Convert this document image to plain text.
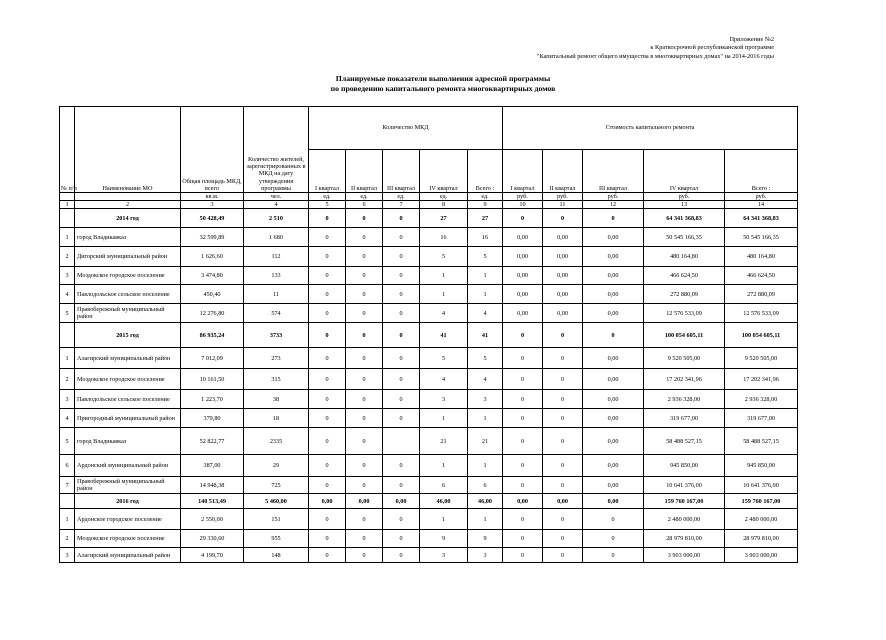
Приложение №2
к Краткосрочной республиканской программе
"Капитальный ремонт общего имущества в многоквартирных домах" на 2014-2016 годы
Планируемые показатели выполнения адресной программы
по проведению капитального ремонта многоквартирных домов
№ п/п	Наименование МО	Общая площадь МКД, всего	Количество жителей, зарегистрированных в МКД на дату утверждения программы	Количество МКД					Стоимость капитального ремонта				
				I квартал	II квартал	III квартал	IV квартал	Всего :	I квартал	II квартал	III квартал	IV квартал	Всего :
		кв.м.	чел.	ед.	ед.	ед.	ед.	ед.	руб.	руб.	руб.	руб.	руб.
1	2	3	4	5	6	7	8	9	10	11	12	13	14
	2014 год	50 428,49	2 510	0	0	0	27	27	0	0	0	64 341 368,83	64 341 368,83
1	город Владикавказ	32 599,89	1 680	0	0	0	16	16	0,00	0,00	0,00	50 545 166,35	50 545 166,35
2	Дигорский муниципальный район	1 626,60	112	0	0	0	5	5	0,00	0,00	0,00	480 164,80	480 164,80
3	Моздокское городское поселение	3 474,80	133	0	0	0	1	1	0,00	0,00	0,00	466 624,50	466 624,50
4	Павлодольское сельское поселение	450,40	11	0	0	0	1	1	0,00	0,00	0,00	272 880,09	272 880,09
5	Правобережный муниципальный район	12 276,80	574	0	0	0	4	4	0,00	0,00	0,00	12 576 533,09	12 576 533,09
	2015 год	86 935,24	3733	0	0	0	41	41	0	0	0	100 054 605,11	100 054 605,11
1	Алагирский муниципальный район	7 012,09	273	0	0	0	5	5	0	0	0,00	9 520 505,00	9 520 505,00
2	Моздокское городское поселение	10 161,50	315	0	0	0	4	4	0	0	0,00	17 202 341,96	17 202 341,96
3	Павлодольское сельское поселение	1 223,70	38	0	0	0	3	3	0	0	0,00	2 936 328,00	2 936 328,00
4	Пригородный муниципальный район	379,80	18	0	0	0	1	1	0	0	0,00	319 677,00	319 677,00
5	город Владикавказ	52 822,77	2335	0	0		21	21	0	0	0,00	58 488 527,15	58 488 527,15
6	Ардонский муниципальный район	387,00	29	0	0	0	1	1	0	0	0,00	945 850,00	945 850,00
7	Правобережный муниципальный район	14 948,38	725	0	0	0	6	6	0	0	0,00	10 641 376,00	10 641 376,00
	2016 год	140 513,49	5 460,00	0,00	0,00	0,00	46,00	46,00	0,00	0,00	0,00	159 760 167,00	159 760 167,00
1	Ардонское городское поселение	2 550,00	151	0	0	0	1	1	0	0	0	2 480 000,00	2 480 000,00
2	Моздокское городское поселение	29 330,60	955	0	0	0	9	9	0	0	0	28 979 810,00	28 979 810,00
3	Алагирский муниципальный район	4 199,70	148	0	0	0	3	3	0	0	0	3 903 000,00	3 903 000,00
